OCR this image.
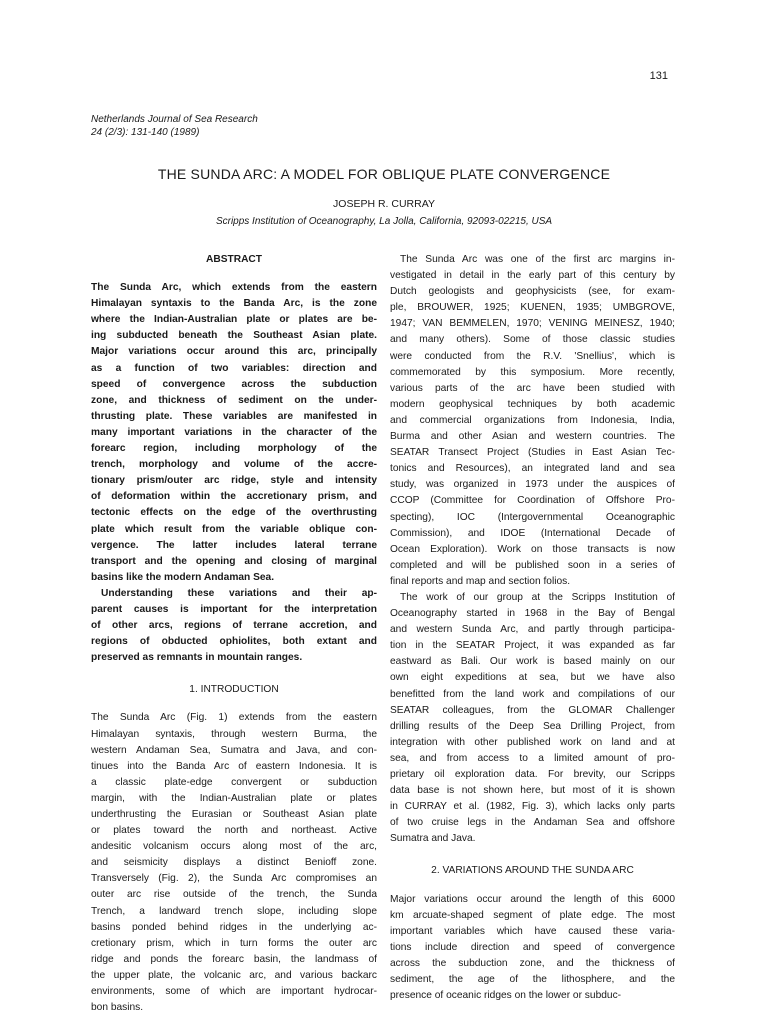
131
Netherlands Journal of Sea Research
24 (2/3): 131-140 (1989)
THE SUNDA ARC: A MODEL FOR OBLIQUE PLATE CONVERGENCE
JOSEPH R. CURRAY
Scripps Institution of Oceanography, La Jolla, California, 92093-02215, USA
ABSTRACT
The Sunda Arc, which extends from the eastern
Himalayan syntaxis to the Banda Arc, is the zone
where the Indian-Australian plate or plates are be-
ing subducted beneath the Southeast Asian plate.
Major variations occur around this arc, principally
as a function of two variables: direction and
speed of convergence across the subduction
zone, and thickness of sediment on the under-
thrusting plate. These variables are manifested in
many important variations in the character of the
forearc region, including morphology of the
trench, morphology and volume of the accre-
tionary prism/outer arc ridge, style and intensity
of deformation within the accretionary prism, and
tectonic effects on the edge of the overthrusting
plate which result from the variable oblique con-
vergence. The latter includes lateral terrane
transport and the opening and closing of marginal
basins like the modern Andaman Sea.
Understanding these variations and their ap-
parent causes is important for the interpretation
of other arcs, regions of terrane accretion, and
regions of obducted ophiolites, both extant and
preserved as remnants in mountain ranges.
1. INTRODUCTION
The Sunda Arc (Fig. 1) extends from the eastern
Himalayan syntaxis, through western Burma, the
western Andaman Sea, Sumatra and Java, and con-
tinues into the Banda Arc of eastern Indonesia. It is
a classic plate-edge convergent or subduction
margin, with the Indian-Australian plate or plates
underthrusting the Eurasian or Southeast Asian plate
or plates toward the north and northeast. Active
andesitic volcanism occurs along most of the arc,
and seismicity displays a distinct Benioff zone.
Transversely (Fig. 2), the Sunda Arc compromises an
outer arc rise outside of the trench, the Sunda
Trench, a landward trench slope, including slope
basins ponded behind ridges in the underlying ac-
cretionary prism, which in turn forms the outer arc
ridge and ponds the forearc basin, the landmass of
the upper plate, the volcanic arc, and various backarc
environments, some of which are important hydrocar-
bon basins.
The Sunda Arc was one of the first arc margins in-
vestigated in detail in the early part of this century by
Dutch geologists and geophysicists (see, for exam-
ple, BROUWER, 1925; KUENEN, 1935; UMBGROVE,
1947; VAN BEMMELEN, 1970; VENING MEINESZ, 1940;
and many others). Some of those classic studies
were conducted from the R.V. 'Snellius', which is
commemorated by this symposium. More recently,
various parts of the arc have been studied with
modern geophysical techniques by both academic
and commercial organizations from Indonesia, India,
Burma and other Asian and western countries. The
SEATAR Transect Project (Studies in East Asian Tec-
tonics and Resources), an integrated land and sea
study, was organized in 1973 under the auspices of
CCOP (Committee for Coordination of Offshore Pro-
specting), IOC (Intergovernmental Oceanographic
Commission), and IDOE (International Decade of
Ocean Exploration). Work on those transacts is now
completed and will be published soon in a series of
final reports and map and section folios.
The work of our group at the Scripps Institution of
Oceanography started in 1968 in the Bay of Bengal
and western Sunda Arc, and partly through participa-
tion in the SEATAR Project, it was expanded as far
eastward as Bali. Our work is based mainly on our
own eight expeditions at sea, but we have also
benefitted from the land work and compilations of our
SEATAR colleagues, from the GLOMAR Challenger
drilling results of the Deep Sea Drilling Project, from
integration with other published work on land and at
sea, and from access to a limited amount of pro-
prietary oil exploration data. For brevity, our Scripps
data base is not shown here, but most of it is shown
in CURRAY et al. (1982, Fig. 3), which lacks only parts
of two cruise legs in the Andaman Sea and offshore
Sumatra and Java.
2. VARIATIONS AROUND THE SUNDA ARC
Major variations occur around the length of this 6000
km arcuate-shaped segment of plate edge. The most
important variables which have caused these varia-
tions include direction and speed of convergence
across the subduction zone, and the thickness of
sediment, the age of the lithosphere, and the
presence of oceanic ridges on the lower or subduc-
